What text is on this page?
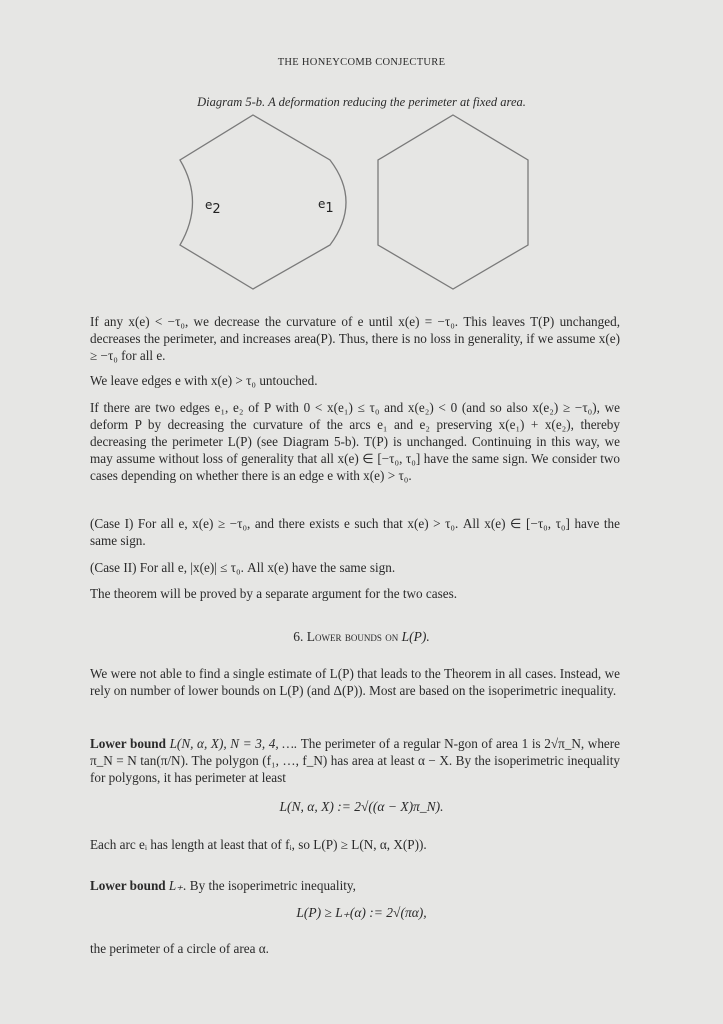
THE HONEYCOMB CONJECTURE
Diagram 5-b. A deformation reducing the perimeter at fixed area.
e2	e1
If any x(e) < −τ₀, we decrease the curvature of e until x(e) = −τ₀. This leaves T(P) unchanged, decreases the perimeter, and increases area(P). Thus, there is no loss in generality, if we assume x(e) ≥ −τ₀ for all e.
We leave edges e with x(e) > τ₀ untouched.
If there are two edges e₁, e₂ of P with 0 < x(e₁) ≤ τ₀ and x(e₂) < 0 (and so also x(e₂) ≥ −τ₀), we deform P by decreasing the curvature of the arcs e₁ and e₂ preserving x(e₁) + x(e₂), thereby decreasing the perimeter L(P) (see Diagram 5-b). T(P) is unchanged. Continuing in this way, we may assume without loss of generality that all x(e) ∈ [−τ₀, τ₀] have the same sign. We consider two cases depending on whether there is an edge e with x(e) > τ₀.
(Case I) For all e, x(e) ≥ −τ₀, and there exists e such that x(e) > τ₀. All x(e) ∈ [−τ₀, τ₀] have the same sign.
(Case II) For all e, |x(e)| ≤ τ₀. All x(e) have the same sign.
The theorem will be proved by a separate argument for the two cases.
6. Lower bounds on L(P).
We were not able to find a single estimate of L(P) that leads to the Theorem in all cases. Instead, we rely on number of lower bounds on L(P) (and Δ(P)). Most are based on the isoperimetric inequality.
Lower bound L(N, α, X), N = 3, 4, …. The perimeter of a regular N-gon of area 1 is 2√π_N, where π_N = N tan(π/N). The polygon (f₁, …, f_N) has area at least α − X. By the isoperimetric inequality for polygons, it has perimeter at least
L(N, α, X) := 2√((α − X)π_N).
Each arc eᵢ has length at least that of fᵢ, so L(P) ≥ L(N, α, X(P)).
Lower bound L₊. By the isoperimetric inequality,
L(P) ≥ L₊(α) := 2√(πα),
the perimeter of a circle of area α.
